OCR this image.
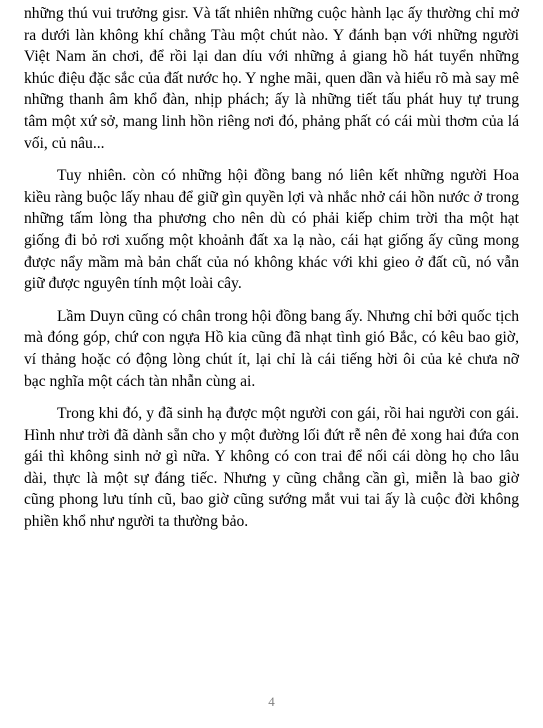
những thú vui trưởng gisr. Và tất nhiên những cuộc hành lạc ấy thường chỉ mở ra dưới làn không khí chẳng Tàu một chút nào. Y đánh bạn với những người Việt Nam ăn chơi, để rồi lại dan díu với những ả giang hồ hát tuyển những khúc điệu đặc sắc của đất nước họ. Y nghe mãi, quen dần và hiểu rõ mà say mê những thanh âm khổ đàn, nhịp phách; ấy là những tiết tấu phát huy tự trung tâm một xứ sở, mang linh hồn riêng nơi đó, phảng phất có cái mùi thơm của lá vối, củ nâu...

Tuy nhiên. còn có những hội đồng bang nó liên kết những người Hoa kiều ràng buộc lấy nhau để giữ gìn quyền lợi và nhắc nhở cái hồn nước ở trong những tấm lòng tha phương cho nên dù có phải kiếp chim trời tha một hạt giống đi bỏ rơi xuống một khoảnh đất xa lạ nào, cái hạt giống ấy cũng mong được nẩy mầm mà bản chất của nó không khác với khi gieo ở đất cũ, nó vẫn giữ được nguyên tính một loài cây.

Lầm Duyn cũng có chân trong hội đồng bang ấy. Nhưng chỉ bởi quốc tịch mà đóng góp, chứ con ngựa Hồ kia cũng đã nhạt tình gió Bắc, có kêu bao giờ, ví thảng hoặc có động lòng chút ít, lại chỉ là cái tiếng hời ôi của kẻ chưa nỡ bạc nghĩa một cách tàn nhẫn cùng ai.

Trong khi đó, y đã sinh hạ được một người con gái, rồi hai người con gái. Hình như trời đã dành sẵn cho y một đường lối đứt rễ nên đẻ xong hai đứa con gái thì không sinh nở gì nữa. Y không có con trai để nối cái dòng họ cho lâu dài, thực là một sự đáng tiếc. Nhưng y cũng chẳng cần gì, miễn là bao giờ cũng phong lưu tính cũ, bao giờ cũng sướng mắt vui tai ấy là cuộc đời không phiền khổ như người ta thường bảo.

4
